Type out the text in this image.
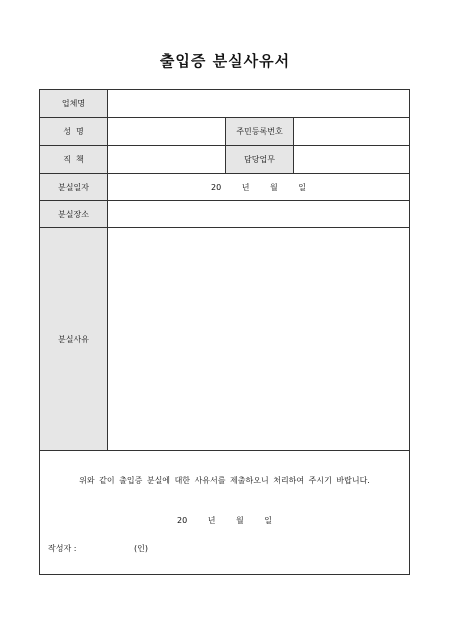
출입증 분실사유서
업체명
성  명	주민등록번호
직  책	담당업무
분실일자	20 년 월 일
분실장소
분실사유
위와 같이 출입증 분실에 대한 사유서를 제출하오니 처리하여 주시기 바랍니다.
20 년 월 일
작성자 :	(인)
